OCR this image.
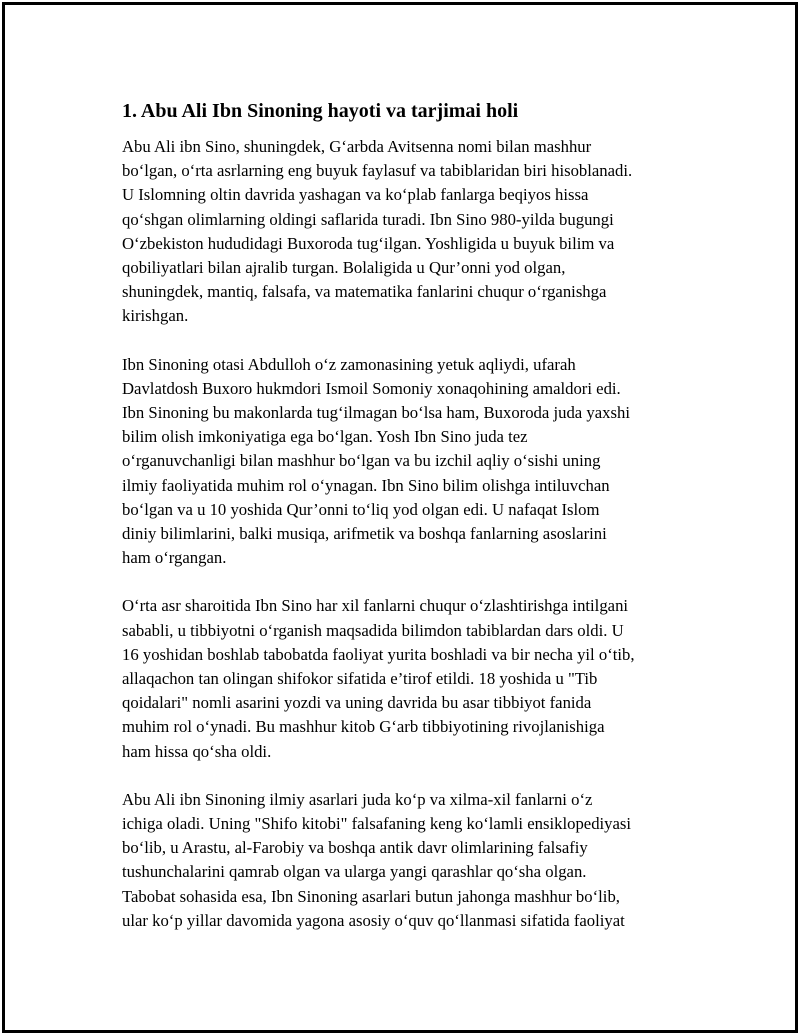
1. Abu Ali Ibn Sinoning hayoti va tarjimai holi

Abu Ali ibn Sino, shuningdek, G‘arbda Avitsenna nomi bilan mashhur
bo‘lgan, o‘rta asrlarning eng buyuk faylasuf va tabiblaridan biri hisoblanadi.
U Islomning oltin davrida yashagan va ko‘plab fanlarga beqiyos hissa
qo‘shgan olimlarning oldingi saflarida turadi. Ibn Sino 980-yilda bugungi
O‘zbekiston hududidagi Buxoroda tug‘ilgan. Yoshligida u buyuk bilim va
qobiliyatlari bilan ajralib turgan. Bolaligida u Qur’onni yod olgan,
shuningdek, mantiq, falsafa, va matematika fanlarini chuqur o‘rganishga
kirishgan.

Ibn Sinoning otasi Abdulloh o‘z zamonasining yetuk aqliydi, ufarah
Davlatdosh Buxoro hukmdori Ismoil Somoniy xonaqohining amaldori edi.
Ibn Sinoning bu makonlarda tug‘ilmagan bo‘lsa ham, Buxoroda juda yaxshi
bilim olish imkoniyatiga ega bo‘lgan. Yosh Ibn Sino juda tez
o‘rganuvchanligi bilan mashhur bo‘lgan va bu izchil aqliy o‘sishi uning
ilmiy faoliyatida muhim rol o‘ynagan. Ibn Sino bilim olishga intiluvchan
bo‘lgan va u 10 yoshida Qur’onni to‘liq yod olgan edi. U nafaqat Islom
diniy bilimlarini, balki musiqa, arifmetik va boshqa fanlarning asoslarini
ham o‘rgangan.

O‘rta asr sharoitida Ibn Sino har xil fanlarni chuqur o‘zlashtirishga intilgani
sababli, u tibbiyotni o‘rganish maqsadida bilimdon tabiblardan dars oldi. U
16 yoshidan boshlab tabobatda faoliyat yurita boshladi va bir necha yil o‘tib,
allaqachon tan olingan shifokor sifatida e’tirof etildi. 18 yoshida u "Tib
qoidalari" nomli asarini yozdi va uning davrida bu asar tibbiyot fanida
muhim rol o‘ynadi. Bu mashhur kitob G‘arb tibbiyotining rivojlanishiga
ham hissa qo‘sha oldi.

Abu Ali ibn Sinoning ilmiy asarlari juda ko‘p va xilma-xil fanlarni o‘z
ichiga oladi. Uning "Shifo kitobi" falsafaning keng ko‘lamli ensiklopediyasi
bo‘lib, u Arastu, al-Farobiy va boshqa antik davr olimlarining falsafiy
tushunchalarini qamrab olgan va ularga yangi qarashlar qo‘sha olgan.
Tabobat sohasida esa, Ibn Sinoning asarlari butun jahonga mashhur bo‘lib,
ular ko‘p yillar davomida yagona asosiy o‘quv qo‘llanmasi sifatida faoliyat
